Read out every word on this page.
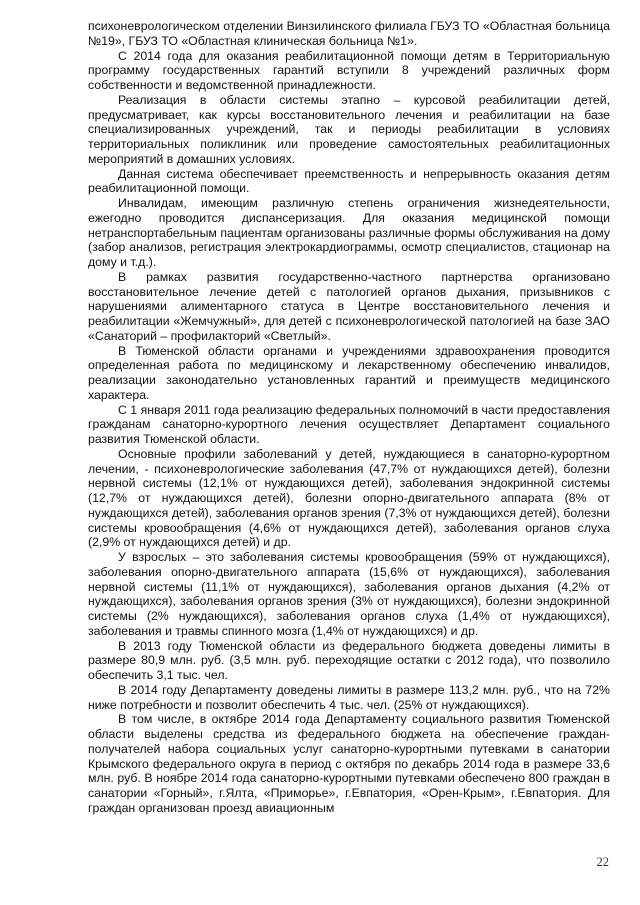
психоневрологическом отделении Винзилинского филиала ГБУЗ ТО «Областная больница №19», ГБУЗ ТО «Областная клиническая больница №1».

С 2014 года для оказания реабилитационной помощи детям в Территориальную программу государственных гарантий вступили 8 учреждений различных форм собственности и ведомственной принадлежности.

Реализация в области системы этапно – курсовой реабилитации детей, предусматривает, как курсы восстановительного лечения и реабилитации на базе специализированных учреждений, так и периоды реабилитации в условиях территориальных поликлиник или проведение самостоятельных реабилитационных мероприятий в домашних условиях.

Данная система обеспечивает преемственность и непрерывность оказания детям реабилитационной помощи.

Инвалидам, имеющим различную степень ограничения жизнедеятельности, ежегодно проводится диспансеризация. Для оказания медицинской помощи нетранспортабельным пациентам организованы различные формы обслуживания на дому (забор анализов, регистрация электрокардиограммы, осмотр специалистов, стационар на дому и т.д.).

В рамках развития государственно-частного партнерства организовано восстановительное лечение детей с патологией органов дыхания, призывников с нарушениями алиментарного статуса в Центре восстановительного лечения и реабилитации «Жемчужный», для детей с психоневрологической патологией на базе ЗАО «Санаторий – профилакторий «Светлый».

В Тюменской области органами и учреждениями здравоохранения проводится определенная работа по медицинскому и лекарственному обеспечению инвалидов, реализации законодательно установленных гарантий и преимуществ медицинского характера.

С 1 января 2011 года реализацию федеральных полномочий в части предоставления гражданам санаторно-курортного лечения осуществляет Департамент социального развития Тюменской области.

Основные профили заболеваний у детей, нуждающиеся в санаторно-курортном лечении, - психоневрологические заболевания (47,7% от нуждающихся детей), болезни нервной системы (12,1% от нуждающихся детей), заболевания эндокринной системы (12,7% от нуждающихся детей), болезни опорно-двигательного аппарата (8% от нуждающихся детей), заболевания органов зрения (7,3% от нуждающихся детей), болезни системы кровообращения (4,6% от нуждающихся детей), заболевания органов слуха (2,9% от нуждающихся детей) и др.

У взрослых – это заболевания системы кровообращения (59% от нуждающихся), заболевания опорно-двигательного аппарата (15,6% от нуждающихся), заболевания нервной системы (11,1% от нуждающихся), заболевания органов дыхания (4,2% от нуждающихся), заболевания органов зрения (3% от нуждающихся), болезни эндокринной системы (2% нуждающихся), заболевания органов слуха (1,4% от нуждающихся), заболевания и травмы спинного мозга (1,4% от нуждающихся) и др.

В 2013 году Тюменской области из федерального бюджета доведены лимиты в размере 80,9 млн. руб. (3,5 млн. руб. переходящие остатки с 2012 года), что позволило обеспечить 3,1 тыс. чел.

В 2014 году Департаменту доведены лимиты в размере 113,2 млн. руб., что на 72% ниже потребности и позволит обеспечить 4 тыс. чел. (25% от нуждающихся).

В том числе, в октябре 2014 года Департаменту социального развития Тюменской области выделены средства из федерального бюджета на обеспечение граждан-получателей набора социальных услуг санаторно-курортными путевками в санатории Крымского федерального округа в период с октября по декабрь 2014 года в размере 33,6 млн. руб. В ноябре 2014 года санаторно-курортными путевками обеспечено 800 граждан в санатории «Горный», г.Ялта, «Приморье», г.Евпатория, «Орен-Крым», г.Евпатория. Для граждан организован проезд авиационным

22
